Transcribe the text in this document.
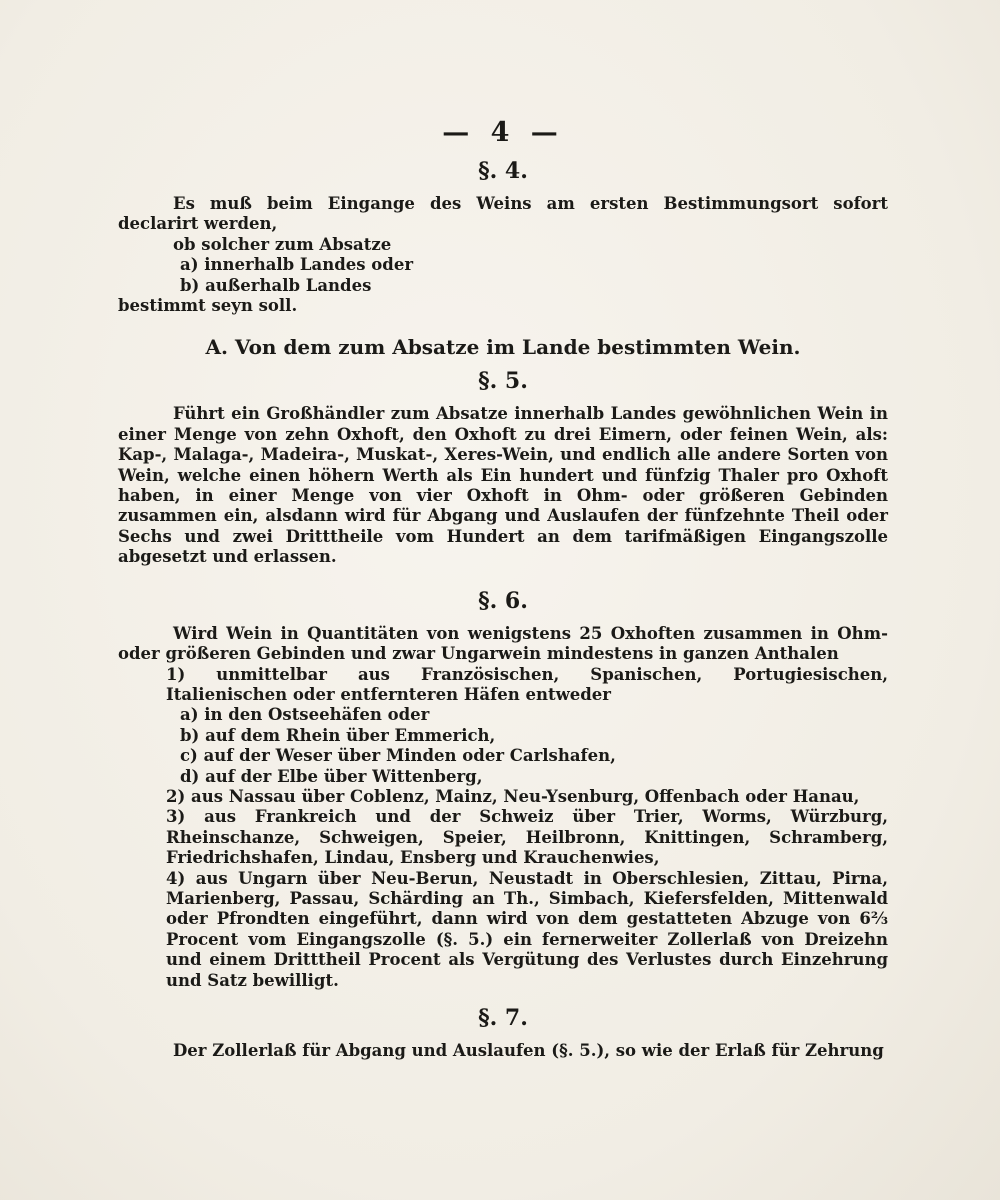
— 4 —
§. 4.

Es muß beim Eingange des Weins am ersten Bestimmungsort sofort declarirt werden,

ob solcher zum Absatze

a) innerhalb Landes oder

b) außerhalb Landes

bestimmt seyn soll.

A. Von dem zum Absatze im Lande bestimmten Wein.
§. 5.

Führt ein Großhändler zum Absatze innerhalb Landes gewöhnlichen Wein in einer Menge von zehn Oxhoft, den Oxhoft zu drei Eimern, oder feinen Wein, als: Kap-, Malaga-, Madeira-, Muskat-, Xeres-Wein, und endlich alle andere Sorten von Wein, welche einen höhern Werth als Ein hundert und fünfzig Thaler pro Oxhoft haben, in einer Menge von vier Oxhoft in Ohm- oder größeren Gebinden zusammen ein, alsdann wird für Abgang und Auslaufen der fünfzehnte Theil oder Sechs und zwei Dritttheile vom Hundert an dem tarifmäßigen Eingangszolle abgesetzt und erlassen.

§. 6.

Wird Wein in Quantitäten von wenigstens 25 Oxhoften zusammen in Ohm- oder größeren Gebinden und zwar Ungarwein mindestens in ganzen Anthalen

1) unmittelbar aus Französischen, Spanischen, Portugiesischen, Italienischen oder entfernteren Häfen entweder

a) in den Ostseehäfen oder

b) auf dem Rhein über Emmerich,

c) auf der Weser über Minden oder Carlshafen,

d) auf der Elbe über Wittenberg,

2) aus Nassau über Coblenz, Mainz, Neu-Ysenburg, Offenbach oder Hanau,

3) aus Frankreich und der Schweiz über Trier, Worms, Würzburg, Rheinschanze, Schweigen, Speier, Heilbronn, Knittingen, Schramberg, Friedrichshafen, Lindau, Ensberg und Krauchenwies,

4) aus Ungarn über Neu-Berun, Neustadt in Oberschlesien, Zittau, Pirna, Marienberg, Passau, Schärding an Th., Simbach, Kiefersfelden, Mittenwald oder Pfrondten eingeführt, dann wird von dem gestatteten Abzuge von 6⅔ Procent vom Eingangszolle (§. 5.) ein fernerweiter Zollerlaß von Dreizehn und einem Dritttheil Procent als Vergütung des Verlustes durch Einzehrung und Satz bewilligt.

§. 7.

Der Zollerlaß für Abgang und Auslaufen (§. 5.), so wie der Erlaß für Zehrung
